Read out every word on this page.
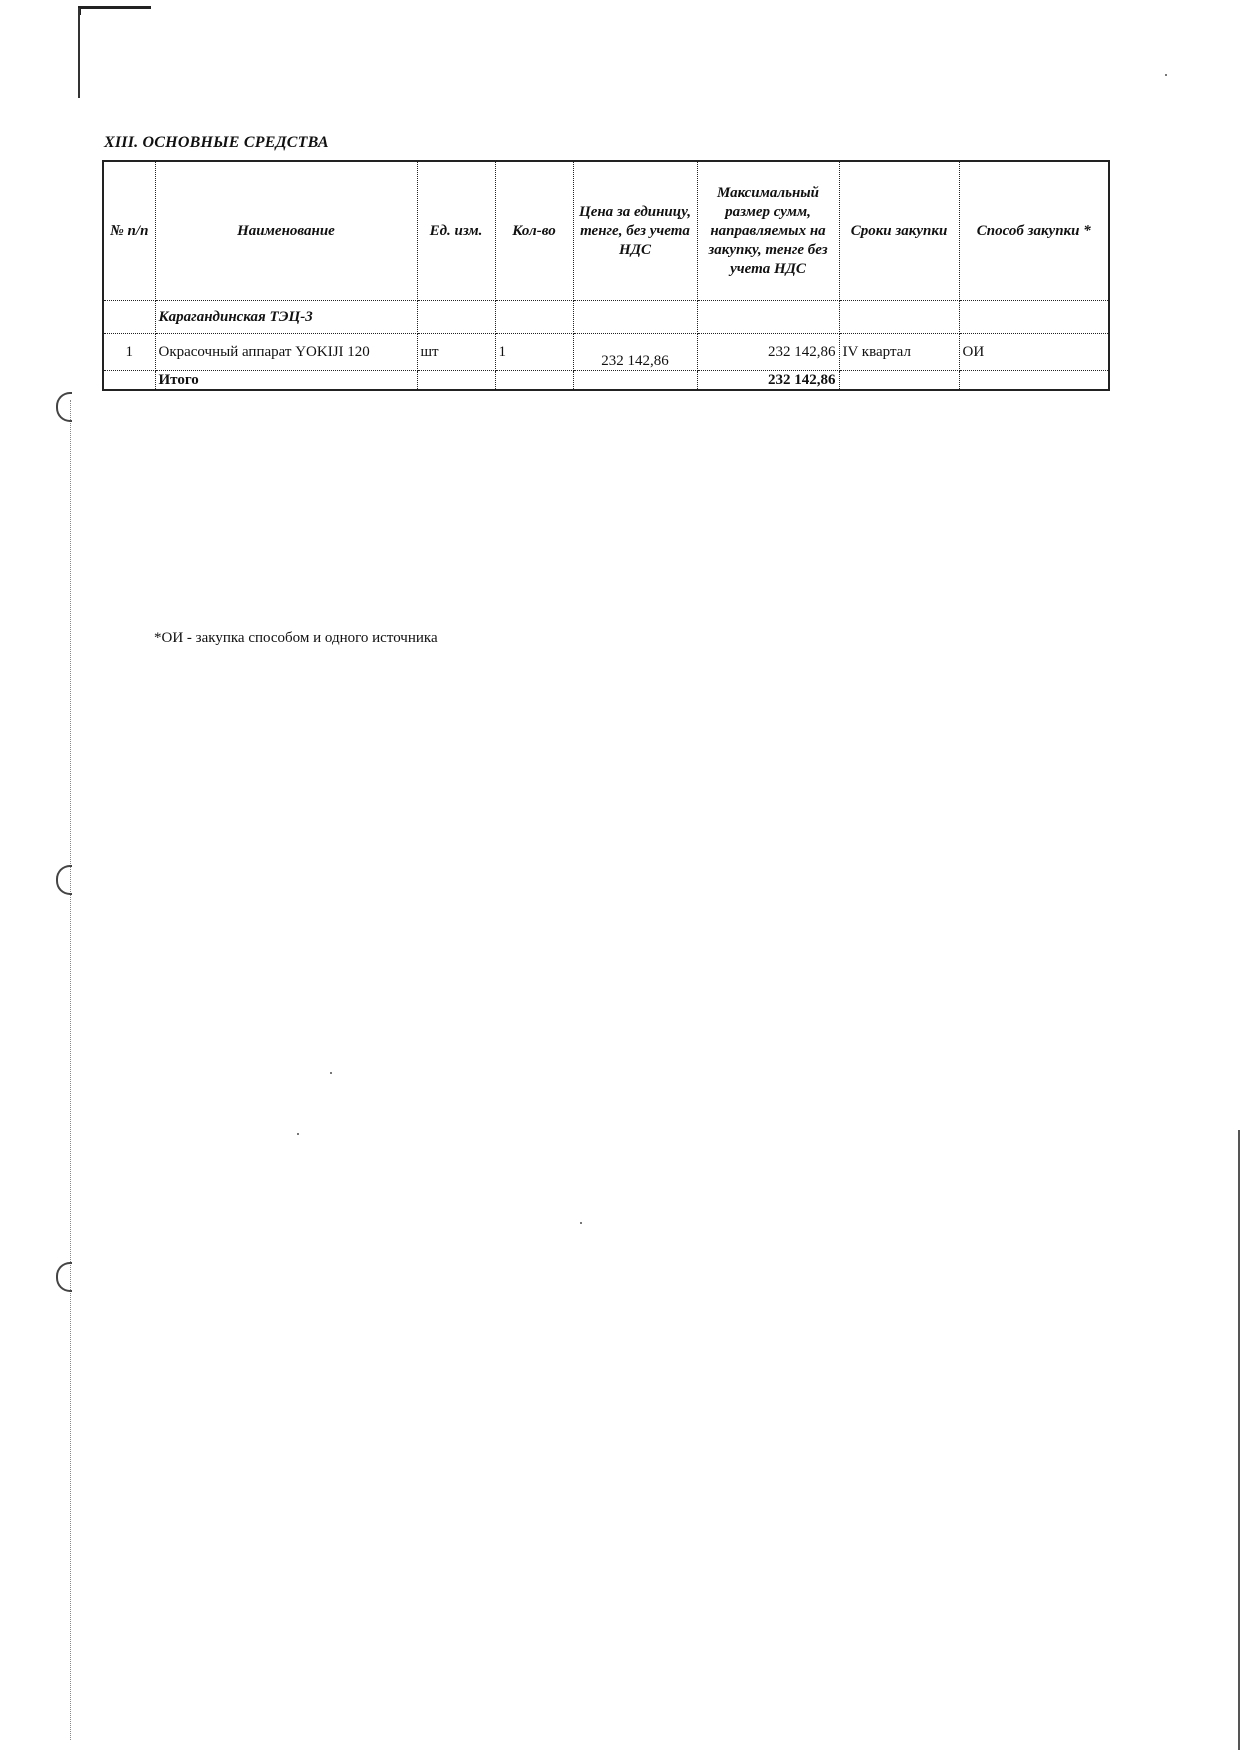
XIII. ОСНОВНЫЕ СРЕДСТВА
№ п/п	Наименование	Ед. изм.	Кол-во	Цена за единицу, тенге, без учета НДС	Максимальный размер сумм, направляемых на закупку, тенге без учета НДС	Сроки закупки	Способ закупки *
	Карагандинская ТЭЦ-3						
1	Окрасочный аппарат YOKIJI 120	шт	1	232 142,86	232 142,86	IV квартал	ОИ
	Итого				232 142,86		
*ОИ - закупка способом и одного источника
